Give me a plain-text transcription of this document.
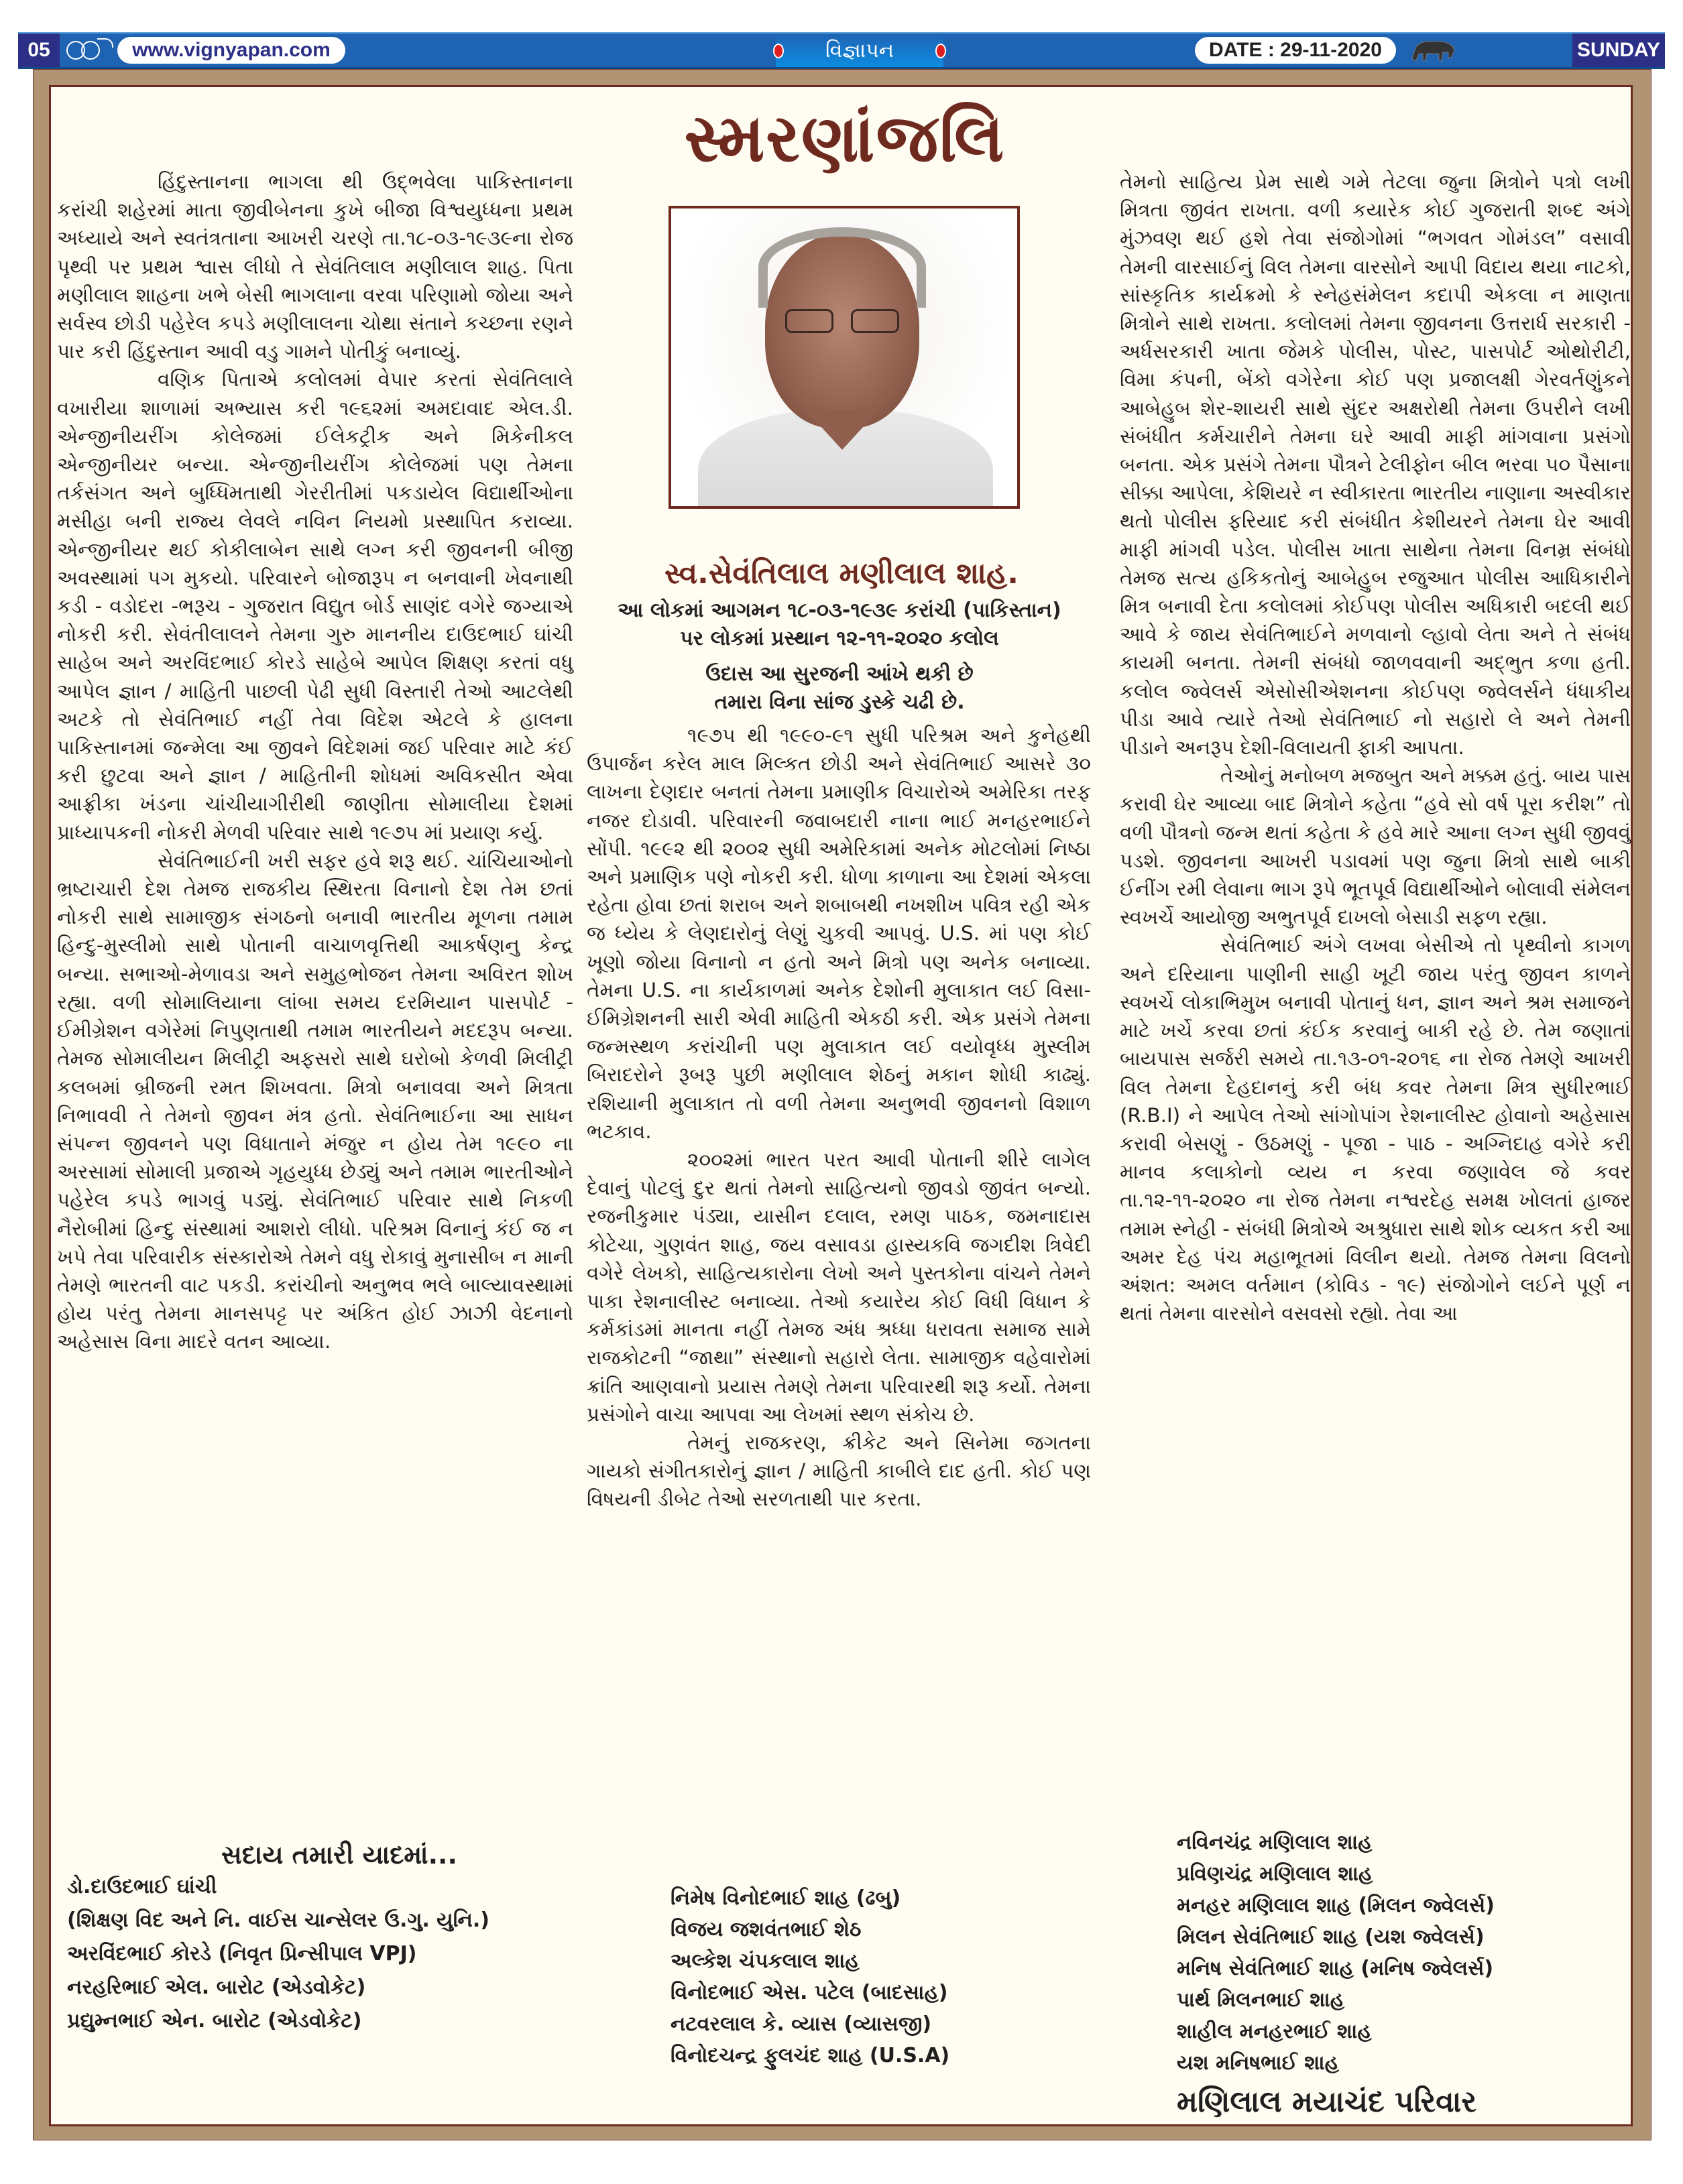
05	www.vignyapan.com	વિજ્ઞાપન	DATE : 29-11-2020	SUNDAY
સ્મરણાંજલિ
સ્વ.સેવંતિલાલ મણીલાલ શાહ.
આ લોકમાં આગમન ૧૮-૦૩-૧૯૩૯ કરાંચી (પાકિસ્તાન)
પર લોકમાં પ્રસ્થાન ૧૨-૧૧-૨૦૨૦ કલોલ
ઉદાસ આ સુરજની આંખે થકી છે
તમારા વિના સાંજ ડુસ્કે ચઢી છે.

હિંદુસ્તાનના ભાગલા થી ઉદ્ભવેલા પાકિસ્તાનના કરાંચી શહેરમાં માતા જીવીબેનના કુખે બીજા વિશ્વયુધ્ધના પ્રથમ અધ્યાયે અને સ્વતંત્રતાના આખરી ચરણે તા.૧૮-૦૩-૧૯૩૯ના રોજ પૃથ્વી પર પ્રથમ શ્વાસ લીધો તે સેવંતિલાલ મણીલાલ શાહ. પિતા મણીલાલ શાહના ખભે બેસી ભાગલાના વરવા પરિણામો જોયા અને સર્વસ્વ છોડી પહેરેલ કપડે મણીલાલના ચોથા સંતાને કચ્છના રણને પાર કરી હિંદુસ્તાન આવી વડુ ગામને પોતીકું બનાવ્યું.

વણિક પિતાએ કલોલમાં વેપાર કરતાં સેવંતિલાલે વખારીયા શાળામાં અભ્યાસ કરી ૧૯૬૨માં અમદાવાદ એલ.ડી. એન્જીનીયરીંગ કોલેજમાં ઈલેકટ્રીક અને મિકેનીકલ એન્જીનીયર બન્યા. એન્જીનીયરીંગ કોલેજમાં પણ તેમના તર્કસંગત અને બુધ્ધિમતાથી ગેરરીતીમાં પકડાયેલ વિદ્યાર્થીઓના મસીહા બની રાજ્ય લેવલે નવિન નિયમો પ્રસ્થાપિત કરાવ્યા. એન્જીનીયર થઈ કોકીલાબેન સાથે લગ્ન કરી જીવનની બીજી અવસ્થામાં પગ મુકયો. પરિવારને બોજારૂપ ન બનવાની ખેવનાથી કડી - વડોદરા -ભરૂચ - ગુજરાત વિદ્યુત બોર્ડ સાણંદ વગેરે જગ્યાએ નોકરી કરી. સેવંતીલાલને તેમના ગુરુ માનનીય દાઉદભાઈ ઘાંચી સાહેબ અને અરવિંદભાઈ કોરડે સાહેબે આપેલ શિક્ષણ કરતાં વધુ આપેલ જ્ઞાન / માહિતી પાછલી પેઢી સુધી વિસ્તારી તેઓ આટલેથી અટકે તો સેવંતિભાઈ નહીં તેવા વિદેશ એટલે કે હાલના પાકિસ્તાનમાં જન્મેલા આ જીવને વિદેશમાં જઈ પરિવાર માટે કંઈ કરી છુટવા અને જ્ઞાન / માહિતીની શોધમાં અવિકસીત એવા આફ્રીકા ખંડના ચાંચીયાગીરીથી જાણીતા સોમાલીયા દેશમાં પ્રાધ્યાપકની નોકરી મેળવી પરિવાર સાથે ૧૯૭૫ માં પ્રયાણ કર્યુ.

સેવંતિભાઈની ખરી સફર હવે શરૂ થઈ. ચાંચિયાઓનો ભ્રષ્ટાચારી દેશ તેમજ રાજકીય સ્થિરતા વિનાનો દેશ તેમ છતાં નોકરી સાથે સામાજીક સંગઠનો બનાવી ભારતીય મૂળના તમામ હિન્દુ-મુસ્લીમો સાથે પોતાની વાચાળવૃત્તિથી આકર્ષણનુ કેન્દ્ર બન્યા. સભાઓ-મેળાવડા અને સમુહભોજન તેમના અવિરત શોખ રહ્યા. વળી સોમાલિયાના લાંબા સમય દરમિયાન પાસપોર્ટ - ઈમીગ્રેશન વગેરેમાં નિપુણતાથી તમામ ભારતીયને મદદરૂપ બન્યા. તેમજ સોમાલીયન મિલીટ્રી અફસરો સાથે ઘરોબો કેળવી મિલીટ્રી કલબમાં બ્રીજની રમત શિખવતા. મિત્રો બનાવવા અને મિત્રતા નિભાવવી તે તેમનો જીવન મંત્ર હતો. સેવંતિભાઈના આ સાધન સંપન્ન જીવનને પણ વિધાતાને મંજુર ન હોય તેમ ૧૯૯૦ ના અરસામાં સોમાલી પ્રજાએ ગૃહયુધ્ધ છેડ્યું અને તમામ ભારતીઓને પહેરેલ કપડે ભાગવું પડ્યું. સેવંતિભાઈ પરિવાર સાથે નિકળી નૈરોબીમાં હિન્દુ સંસ્થામાં આશરો લીધો. પરિશ્રમ વિનાનું કંઈ જ ન ખપે તેવા પરિવારીક સંસ્કારોએ તેમને વધુ રોકાવું મુનાસીબ ન માની તેમણે ભારતની વાટ પકડી. કરાંચીનો અનુભવ ભલે બાલ્યાવસ્થામાં હોય પરંતુ તેમના માનસપટ્ટ પર અંકિત હોઈ ઝાઝી વેદનાનો અહેસાસ વિના માદરે વતન આવ્યા.

૧૯૭૫ થી ૧૯૯૦-૯૧ સુધી પરિશ્રમ અને કુનેહથી ઉપાર્જન કરેલ માલ મિલ્કત છોડી અને સેવંતિભાઈ આસરે ૩૦ લાખના દેણદાર બનતાં તેમના પ્રમાણીક વિચારોએ અમેરિકા તરફ નજર દોડાવી. પરિવારની જવાબદારી નાના ભાઈ મનહરભાઈને સોંપી. ૧૯૯૨ થી ૨૦૦૨ સુધી અમેરિકામાં અનેક મોટલોમાં નિષ્ઠા અને પ્રમાણિક પણે નોકરી કરી. ધોળા કાળાના આ દેશમાં એકલા રહેતા હોવા છતાં શરાબ અને શબાબથી નખશીખ પવિત્ર રહી એક જ ધ્યેય કે લેણદારોનું લેણું ચુકવી આપવું. U.S. માં પણ કોઈ ખૂણો જોયા વિનાનો ન હતો અને મિત્રો પણ અનેક બનાવ્યા. તેમના U.S. ના કાર્યકાળમાં અનેક દેશોની મુલાકાત લઈ વિસા-ઈમિગ્રેશનની સારી એવી માહિતી એકઠી કરી. એક પ્રસંગે તેમના જન્મસ્થળ કરાંચીની પણ મુલાકાત લઈ વયોવૃધ્ધ મુસ્લીમ બિરાદરોને રૂબરૂ પુછી મણીલાલ શેઠનું મકાન શોધી કાઢ્યું. રશિયાની મુલાકાત તો વળી તેમના અનુભવી જીવનનો વિશાળ ભટકાવ.

૨૦૦૨માં ભારત પરત આવી પોતાની શીરે લાગેલ દેવાનું પોટલું દુર થતાં તેમનો સાહિત્યનો જીવડો જીવંત બન્યો. રજનીકુમાર પંડ્યા, યાસીન દલાલ, રમણ પાઠક, જમનાદાસ કોટેચા, ગુણવંત શાહ, જય વસાવડા હાસ્યકવિ જગદીશ ત્રિવેદી વગેરે લેખકો, સાહિત્યકારોના લેખો અને પુસ્તકોના વાંચને તેમને પાકા રેશનાલીસ્ટ બનાવ્યા. તેઓ કયારેય કોઈ વિધી વિધાન કે કર્મકાંડમાં માનતા નહીં તેમજ અંધ શ્રધ્ધા ધરાવતા સમાજ સામે રાજકોટની “જાથા” સંસ્થાનો સહારો લેતા. સામાજીક વહેવારોમાં ક્રાંતિ આણવાનો પ્રયાસ તેમણે તેમના પરિવારથી શરૂ કર્યો. તેમના પ્રસંગોને વાચા આપવા આ લેખમાં સ્થળ સંકોચ છે.

તેમનું રાજકરણ, ક્રીકેટ અને સિનેમા જગતના ગાયકો સંગીતકારોનું જ્ઞાન / માહિતી કાબીલે દાદ હતી. કોઈ પણ વિષયની ડીબેટ તેઓ સરળતાથી પાર કરતા.

તેમનો સાહિત્ય પ્રેમ સાથે ગમે તેટલા જુના મિત્રોને પત્રો લખી મિત્રતા જીવંત રાખતા. વળી કયારેક કોઈ ગુજરાતી શબ્દ અંગે મુંઝવણ થઈ હશે તેવા સંજોગોમાં “ભગવત ગોમંડલ” વસાવી તેમની વારસાઈનું વિલ તેમના વારસોને આપી વિદાય થયા નાટકો, સાંસ્કૃતિક કાર્યક્રમો કે સ્નેહસંમેલન કદાપી એકલા ન માણતા મિત્રોને સાથે રાખતા. કલોલમાં તેમના જીવનના ઉત્તરાર્ધ સરકારી - અર્ધસરકારી ખાતા જેમકે પોલીસ, પોસ્ટ, પાસપોર્ટ ઓથોરીટી, વિમા કંપની, બેંકો વગેરેના કોઈ પણ પ્રજાલક્ષી ગેરવર્તણુંકને આબેહુબ શેર-શાયરી સાથે સુંદર અક્ષરોથી તેમના ઉપરીને લખી સંબંધીત કર્મચારીને તેમના ઘરે આવી માફી માંગવાના પ્રસંગો બનતા. એક પ્રસંગે તેમના પૌત્રને ટેલીફોન બીલ ભરવા ૫૦ પૈસાના સીક્કા આપેલા, કેશિયરે ન સ્વીકારતા ભારતીય નાણાના અસ્વીકાર થતો પોલીસ ફરિયાદ કરી સંબંધીત કેશીયરને તેમના ઘેર આવી માફી માંગવી પડેલ. પોલીસ ખાતા સાથેના તેમના વિનમ્ર સંબંધો તેમજ સત્ય હકિકતોનું આબેહુબ રજુઆત પોલીસ આધિકારીને મિત્ર બનાવી દેતા કલોલમાં કોઈપણ પોલીસ અધિકારી બદલી થઈ આવે કે જાય સેવંતિભાઈને મળવાનો લ્હાવો લેતા અને તે સંબંધ કાયમી બનતા. તેમની સંબંધો જાળવવાની અદ્ભુત કળા હતી. કલોલ જ્વેલર્સ એસોસીએશનના કોઈપણ જ્વેલર્સને ધંધાકીય પીડા આવે ત્યારે તેઓ સેવંતિભાઈ નો સહારો લે અને તેમની પીડાને અનરૂપ દેશી-વિલાયતી ફાકી આપતા.

તેઓનું મનોબળ મજબુત અને મક્કમ હતું. બાય પાસ કરાવી ઘેર આવ્યા બાદ મિત્રોને કહેતા “હવે સો વર્ષ પૂરા કરીશ” તો વળી પૌત્રનો જન્મ થતાં કહેતા કે હવે મારે આના લગ્ન સુધી જીવવું પડશે. જીવનના આખરી પડાવમાં પણ જુના મિત્રો સાથે બાકી ઈનીંગ રમી લેવાના ભાગ રૂપે ભૂતપૂર્વ વિદ્યાર્થીઓને બોલાવી સંમેલન સ્વખર્ચે આયોજી અભુતપૂર્વ દાખલો બેસાડી સફળ રહ્યા.

સેવંતિભાઈ અંગે લખવા બેસીએ તો પૃથ્વીનો કાગળ અને દરિયાના પાણીની સાહી ખૂટી જાય પરંતુ જીવન કાળને સ્વખર્ચે લોકાભિમુખ બનાવી પોતાનું ધન, જ્ઞાન અને શ્રમ સમાજને માટે ખર્ચે કરવા છતાં કંઈક કરવાનું બાકી રહે છે. તેમ જણાતાં બાયપાસ સર્જરી સમયે તા.૧૩-૦૧-૨૦૧૬ ના રોજ તેમણે આખરી વિલ તેમના દેહદાનનું કરી બંધ કવર તેમના મિત્ર સુધીરભાઈ (R.B.I) ને આપેલ તેઓ સાંગોપાંગ રેશનાલીસ્ટ હોવાનો અહેસાસ કરાવી બેસણું - ઉઠમણું - પૂજા - પાઠ - અગ્નિદાહ વગેરે કરી માનવ કલાકોનો વ્યય ન કરવા જણાવેલ જે કવર તા.૧૨-૧૧-૨૦૨૦ ના રોજ તેમના નશ્વરદેહ સમક્ષ ખોલતાં હાજર તમામ સ્નેહી - સંબંધી મિત્રોએ અશ્રુધારા સાથે શોક વ્યકત કરી આ અમર દેહ પંચ મહાભૂતમાં વિલીન થયો. તેમજ તેમના વિલનો અંશત: અમલ વર્તમાન (કોવિડ - ૧૯) સંજોગોને લઈને પૂર્ણ ન થતાં તેમના વારસોને વસવસો રહ્યો. તેવા આ

સદાય તમારી યાદમાં...
ડો.દાઉદભાઈ ઘાંચી
(શિક્ષણ વિદ અને નિ. વાઈસ ચાન્સેલર ઉ.ગુ. યુનિ.)
અરવિંદભાઈ કોરડે (નિવૃત પ્રિન્સીપાલ VPJ)
નરહરિભાઈ એલ. બારોટ (એડવોકેટ)
પ્રદ્યુમ્નભાઈ એન. બારોટ (એડવોકેટ)
નિમેષ વિનોદભાઈ શાહ (ઢબુ)
વિજય જશવંતભાઈ શેઠ
અલ્કેશ ચંપકલાલ શાહ
વિનોદભાઈ એસ. પટેલ (બાદસાહ)
નટવરલાલ કે. વ્યાસ (વ્યાસજી)
વિનોદચન્દ્ર ફુલચંદ શાહ (U.S.A)
નવિનચંદ્ર મણિલાલ શાહ
પ્રવિણચંદ્ર મણિલાલ શાહ
મનહર મણિલાલ શાહ (મિલન જ્વેલર્સ)
મિલન સેવંતિભાઈ શાહ (યશ જ્વેલર્સ)
મનિષ સેવંતિભાઈ શાહ (મનિષ જ્વેલર્સ)
પાર્થ મિલનભાઈ શાહ
શાહીલ મનહરભાઈ શાહ
યશ મનિષભાઈ શાહ
મણિલાલ મયાચંદ પરિવાર
